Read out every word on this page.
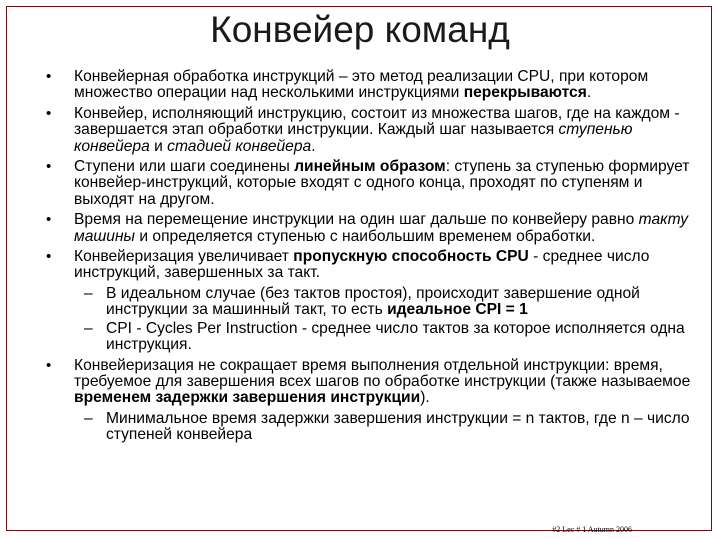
Конвейер команд
• Конвейерная обработка инструкций – это метод реализации CPU, при котором множество операции над несколькими инструкциями перекрываются.
• Конвейер, исполняющий инструкцию, состоит из множества шагов, где на каждом - завершается этап обработки инструкции. Каждый шаг называется ступенью конвейера и стадией конвейера.
• Ступени или шаги соединены линейным образом: ступень за ступенью формирует конвейер-инструкций, которые входят с одного конца, проходят по ступеням и выходят на другом.
• Время на перемещение инструкции на один шаг дальше по конвейеру равно такту машины и определяется ступенью с наибольшим временем обработки.
• Конвейеризация увеличивает пропускную способность CPU - среднее число инструкций, завершенных за такт.
– В идеальном случае (без тактов простоя), происходит завершение одной инструкции за машинный такт, то есть идеальное CPI = 1
– CPI - Cycles Per Instruction - среднее число тактов за которое исполняется одна инструкция.
• Конвейеризация не сокращает время выполнения отдельной инструкции: время, требуемое для завершения всех шагов по обработке инструкции (также называемое временем задержки завершения инструкции).
– Минимальное время задержки завершения инструкции = n тактов, где n – число ступеней конвейера
#2 Lec # 1 Autumn 2006
